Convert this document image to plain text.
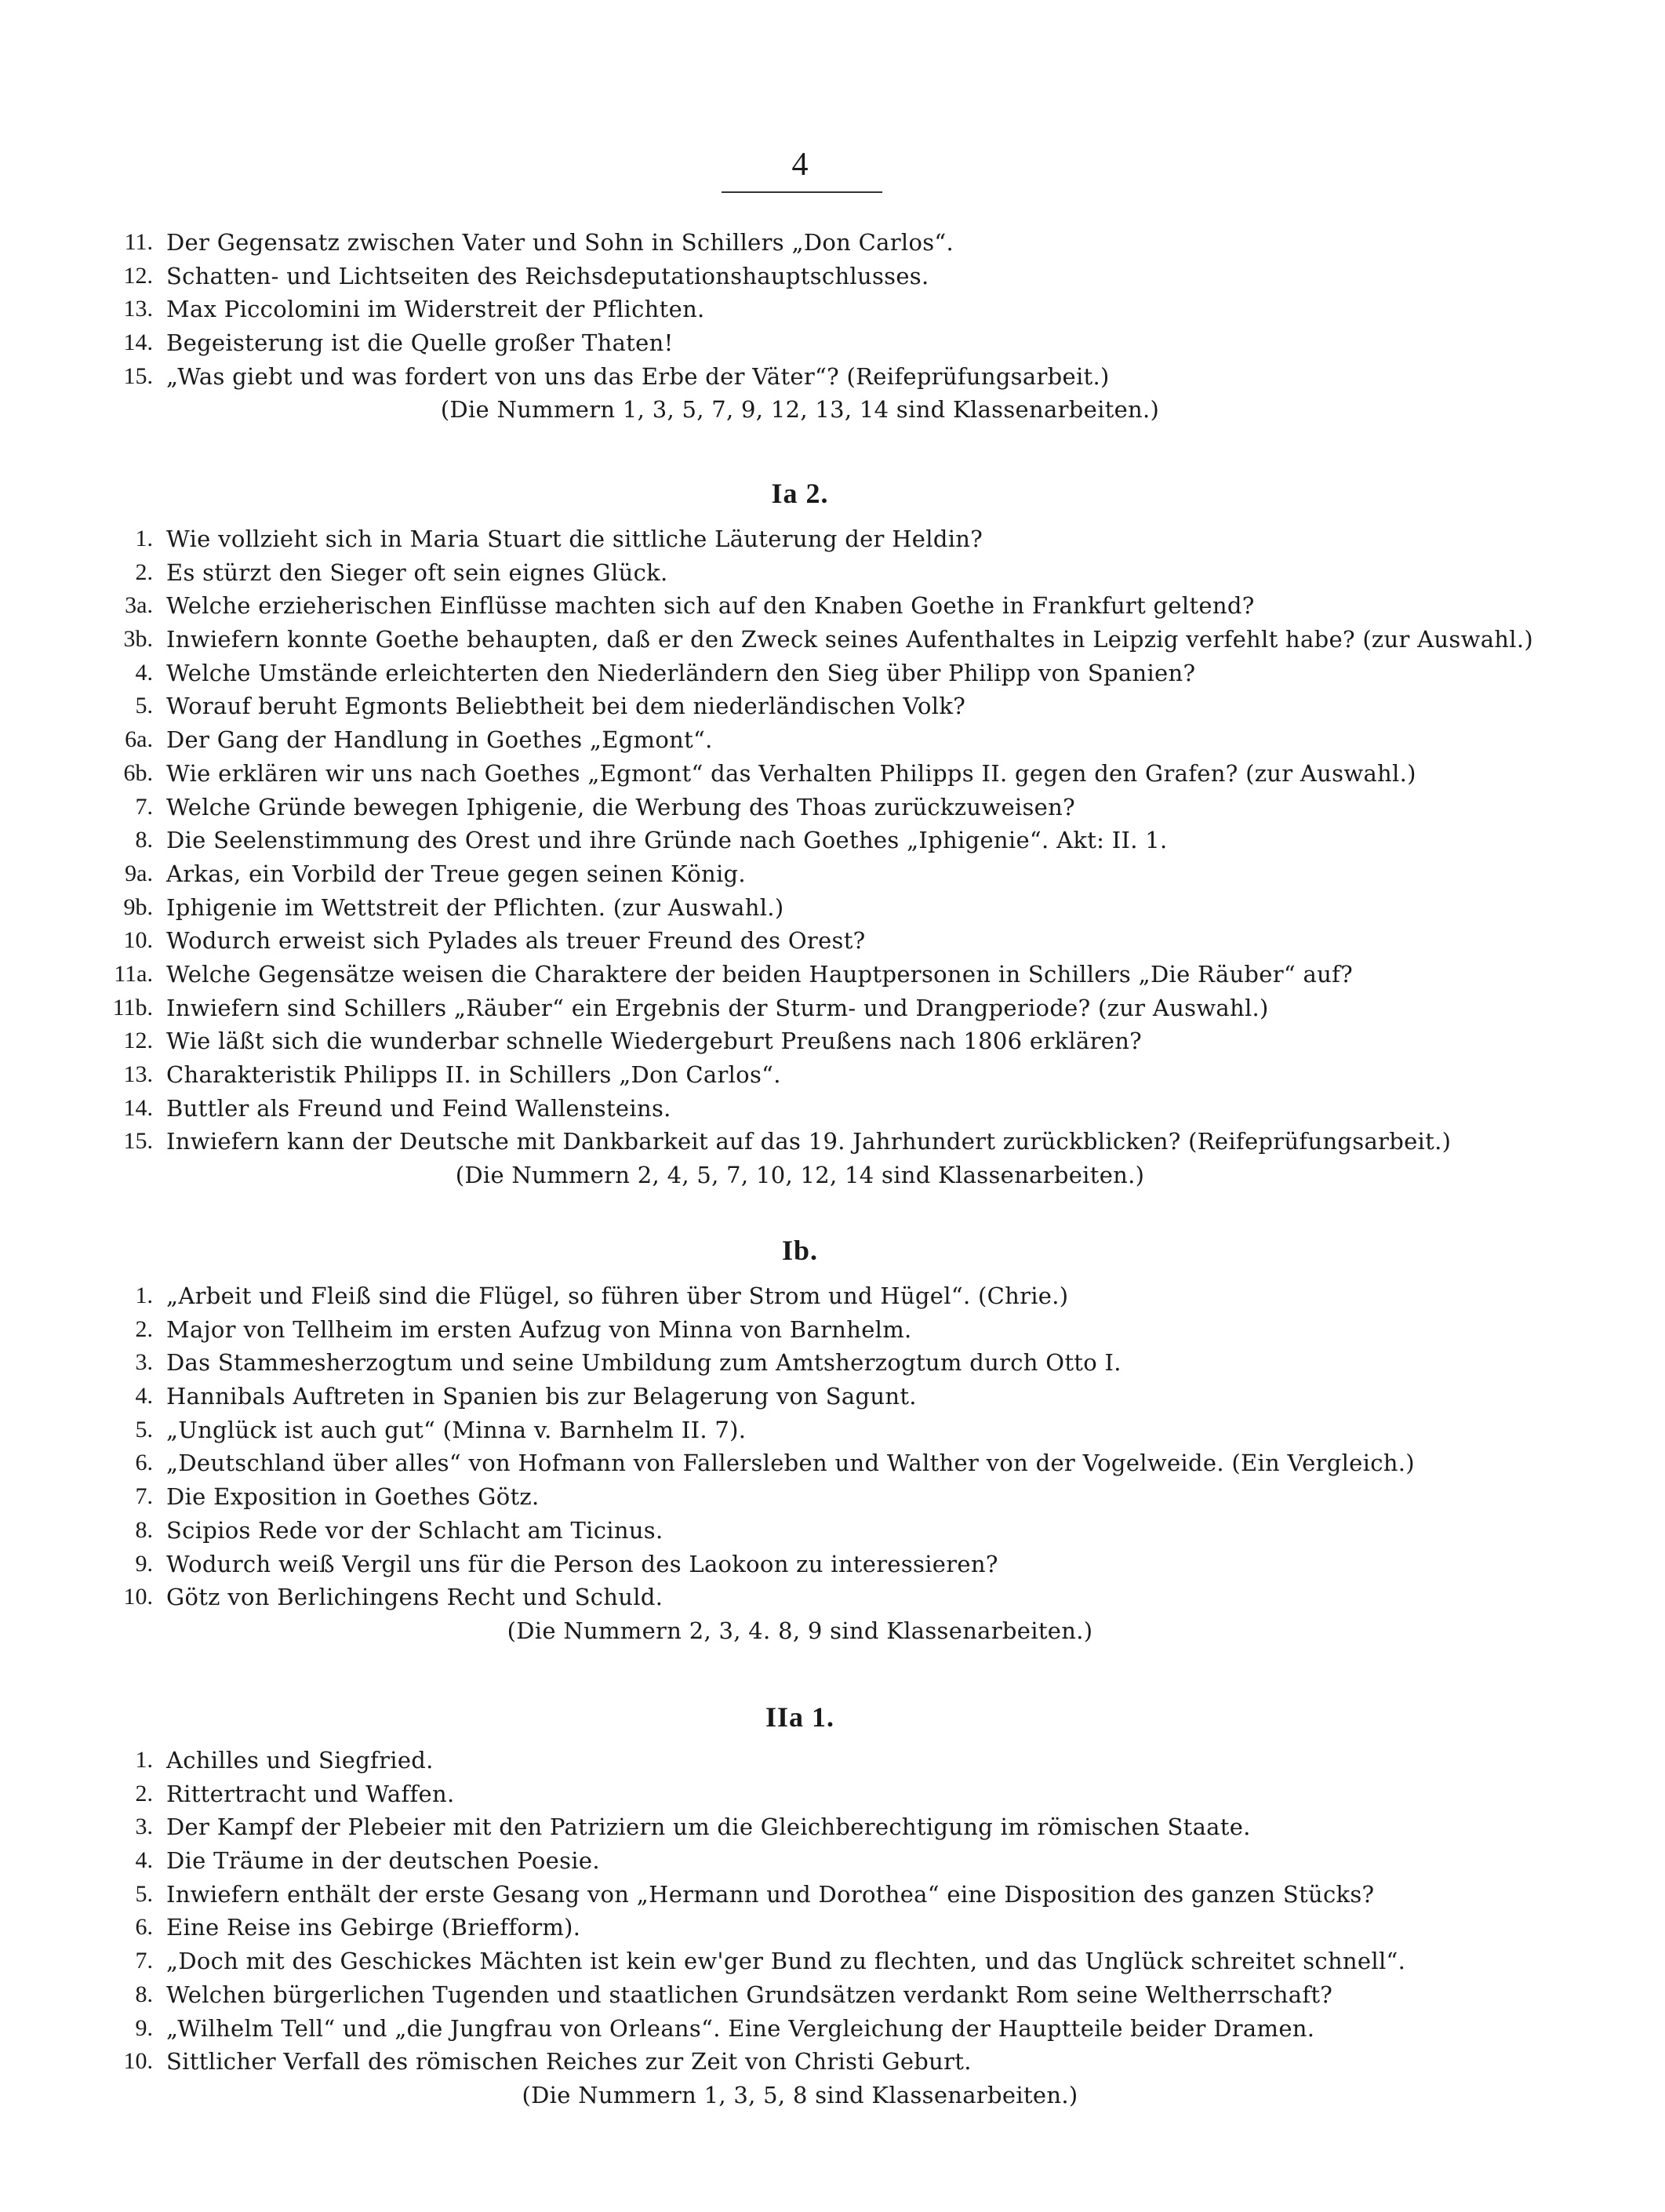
4
11. Der Gegensatz zwischen Vater und Sohn in Schillers „Don Carlos“.
12. Schatten- und Lichtseiten des Reichsdeputationshauptschlusses.
13. Max Piccolomini im Widerstreit der Pflichten.
14. Begeisterung ist die Quelle großer Thaten!
15. „Was giebt und was fordert von uns das Erbe der Väter“? (Reifeprüfungsarbeit.)
(Die Nummern 1, 3, 5, 7, 9, 12, 13, 14 sind Klassenarbeiten.)
Ia 2.
1. Wie vollzieht sich in Maria Stuart die sittliche Läuterung der Heldin?
2. Es stürzt den Sieger oft sein eignes Glück.
3a. Welche erzieherischen Einflüsse machten sich auf den Knaben Goethe in Frankfurt geltend?
3b. Inwiefern konnte Goethe behaupten, daß er den Zweck seines Aufenthaltes in Leipzig verfehlt habe? (zur Auswahl.)
4. Welche Umstände erleichterten den Niederländern den Sieg über Philipp von Spanien?
5. Worauf beruht Egmonts Beliebtheit bei dem niederländischen Volk?
6a. Der Gang der Handlung in Goethes „Egmont“.
6b. Wie erklären wir uns nach Goethes „Egmont“ das Verhalten Philipps II. gegen den Grafen? (zur Auswahl.)
7. Welche Gründe bewegen Iphigenie, die Werbung des Thoas zurückzuweisen?
8. Die Seelenstimmung des Orest und ihre Gründe nach Goethes „Iphigenie“. Akt: II. 1.
9a. Arkas, ein Vorbild der Treue gegen seinen König.
9b. Iphigenie im Wettstreit der Pflichten. (zur Auswahl.)
10. Wodurch erweist sich Pylades als treuer Freund des Orest?
11a. Welche Gegensätze weisen die Charaktere der beiden Hauptpersonen in Schillers „Die Räuber“ auf?
11b. Inwiefern sind Schillers „Räuber“ ein Ergebnis der Sturm- und Drangperiode? (zur Auswahl.)
12. Wie läßt sich die wunderbar schnelle Wiedergeburt Preußens nach 1806 erklären?
13. Charakteristik Philipps II. in Schillers „Don Carlos“.
14. Buttler als Freund und Feind Wallensteins.
15. Inwiefern kann der Deutsche mit Dankbarkeit auf das 19. Jahrhundert zurückblicken? (Reifeprüfungsarbeit.)
(Die Nummern 2, 4, 5, 7, 10, 12, 14 sind Klassenarbeiten.)
Ib.
1. „Arbeit und Fleiß sind die Flügel, so führen über Strom und Hügel“. (Chrie.)
2. Major von Tellheim im ersten Aufzug von Minna von Barnhelm.
3. Das Stammesherzogtum und seine Umbildung zum Amtsherzogtum durch Otto I.
4. Hannibals Auftreten in Spanien bis zur Belagerung von Sagunt.
5. „Unglück ist auch gut“ (Minna v. Barnhelm II. 7).
6. „Deutschland über alles“ von Hofmann von Fallersleben und Walther von der Vogelweide. (Ein Vergleich.)
7. Die Exposition in Goethes Götz.
8. Scipios Rede vor der Schlacht am Ticinus.
9. Wodurch weiß Vergil uns für die Person des Laokoon zu interessieren?
10. Götz von Berlichingens Recht und Schuld.
(Die Nummern 2, 3, 4. 8, 9 sind Klassenarbeiten.)
IIa 1.
1. Achilles und Siegfried.
2. Rittertracht und Waffen.
3. Der Kampf der Plebeier mit den Patriziern um die Gleichberechtigung im römischen Staate.
4. Die Träume in der deutschen Poesie.
5. Inwiefern enthält der erste Gesang von „Hermann und Dorothea“ eine Disposition des ganzen Stücks?
6. Eine Reise ins Gebirge (Briefform).
7. „Doch mit des Geschickes Mächten ist kein ew'ger Bund zu flechten, und das Unglück schreitet schnell“.
8. Welchen bürgerlichen Tugenden und staatlichen Grundsätzen verdankt Rom seine Weltherrschaft?
9. „Wilhelm Tell“ und „die Jungfrau von Orleans“. Eine Vergleichung der Hauptteile beider Dramen.
10. Sittlicher Verfall des römischen Reiches zur Zeit von Christi Geburt.
(Die Nummern 1, 3, 5, 8 sind Klassenarbeiten.)
